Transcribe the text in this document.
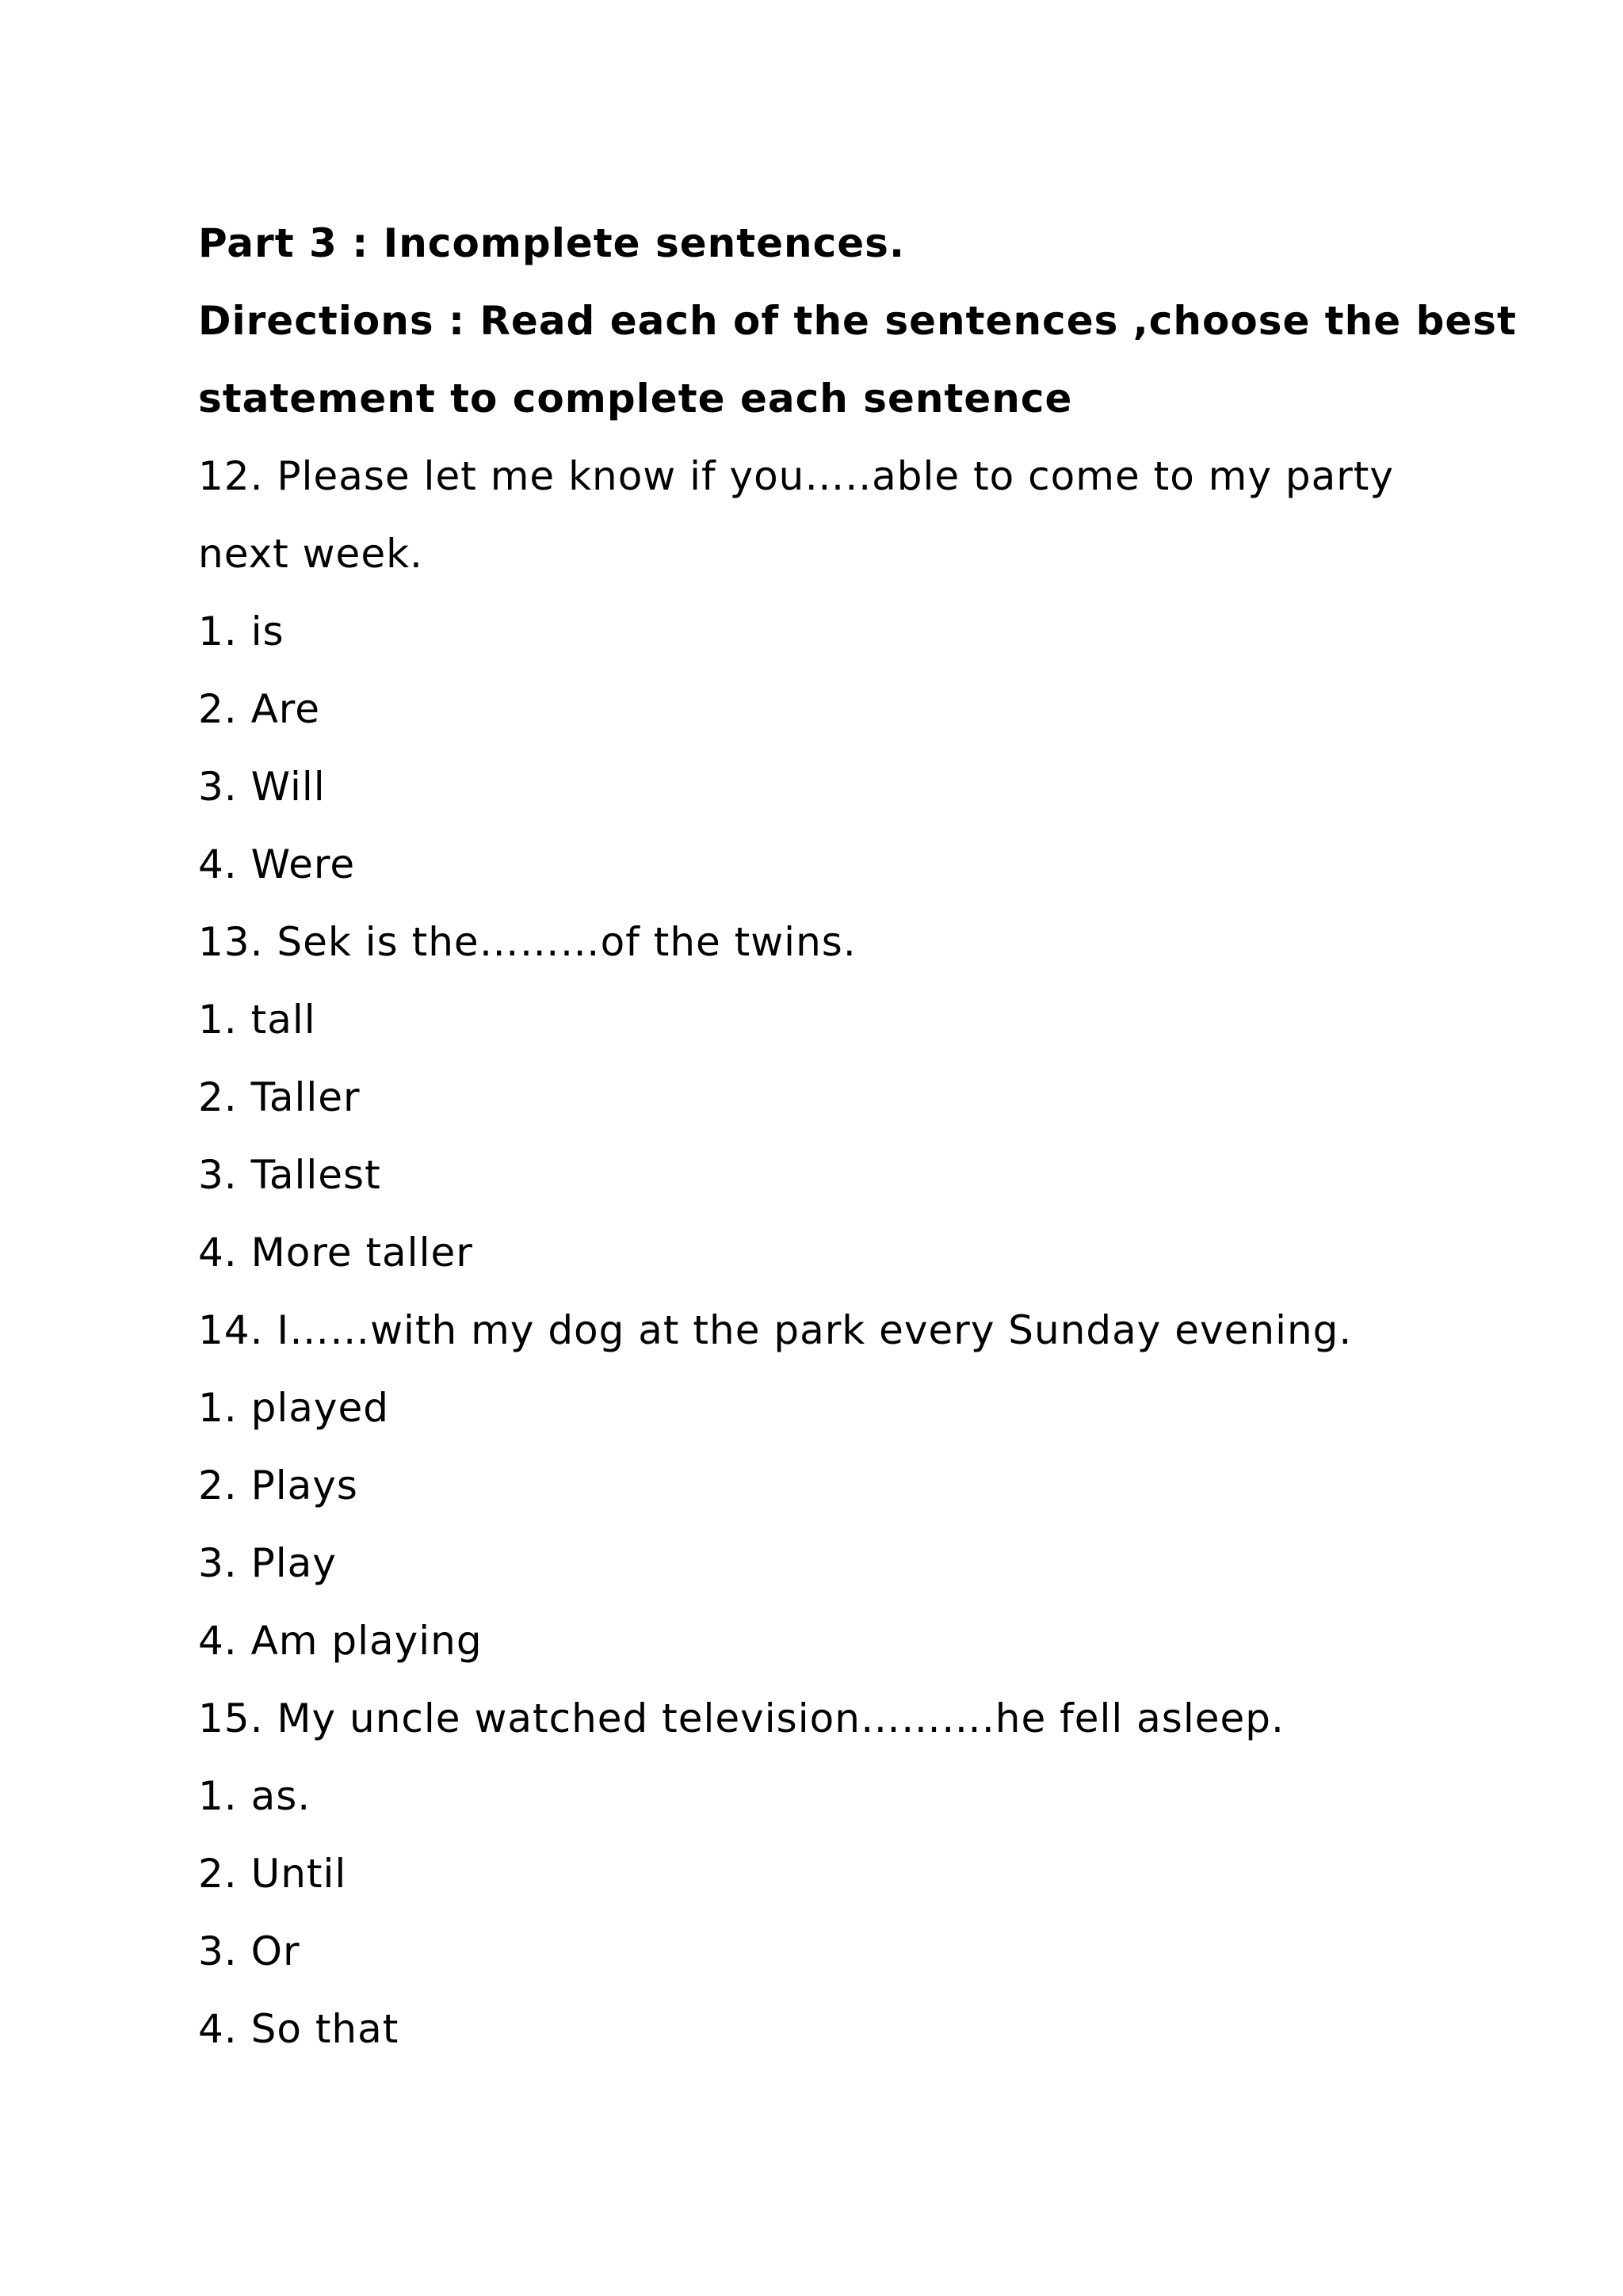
Part 3 : Incomplete sentences.
Directions : Read each of the sentences ,choose the best
statement to complete each sentence
12. Please let me know if you…..able to come to my party
next week.
1. is
2. Are
3. Will
4. Were
13. Sek is the………of the twins.
1. tall
2. Taller
3. Tallest
4. More taller
14. I……with my dog at the park every Sunday evening.
1. played
2. Plays
3. Play
4. Am playing
15. My uncle watched television……….he fell asleep.
1. as.
2. Until
3. Or
4. So that
